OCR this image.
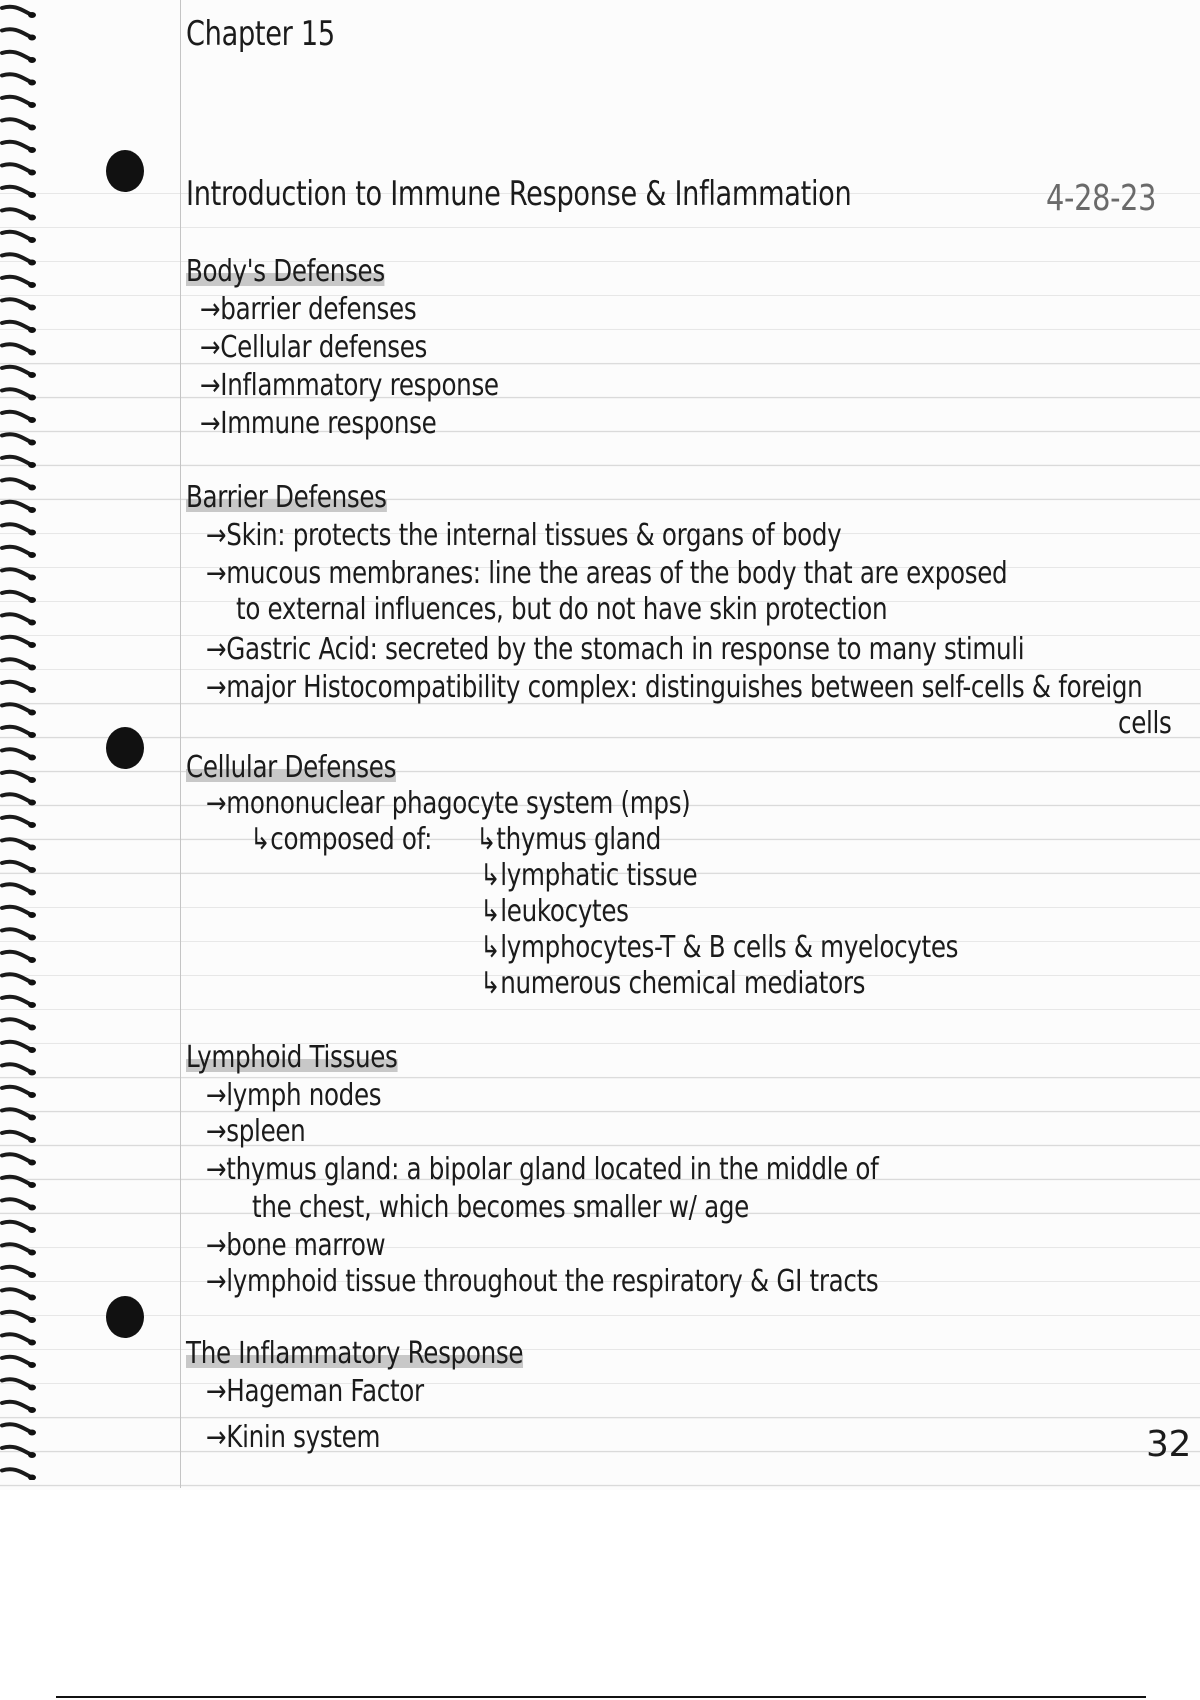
Chapter 15
Introduction to Immune Response & Inflammation	4-28-23
Body's Defenses
→barrier defenses
→Cellular defenses
→Inflammatory response
→Immune response
Barrier Defenses
→Skin: protects the internal tissues & organs of body
→mucous membranes: line the areas of the body that are exposed
to external influences, but do not have skin protection
→Gastric Acid: secreted by the stomach in response to many stimuli
→major Histocompatibility complex: distinguishes between self-cells & foreign
cells
Cellular Defenses
→mononuclear phagocyte system (mps)
↳composed of: ↳thymus gland
↳lymphatic tissue
↳leukocytes
↳lymphocytes-T & B cells & myelocytes
↳numerous chemical mediators
Lymphoid Tissues
→lymph nodes
→spleen
→thymus gland: a bipolar gland located in the middle of
the chest, which becomes smaller w/ age
→bone marrow
→lymphoid tissue throughout the respiratory & GI tracts
The Inflammatory Response
→Hageman Factor
→Kinin system	32
